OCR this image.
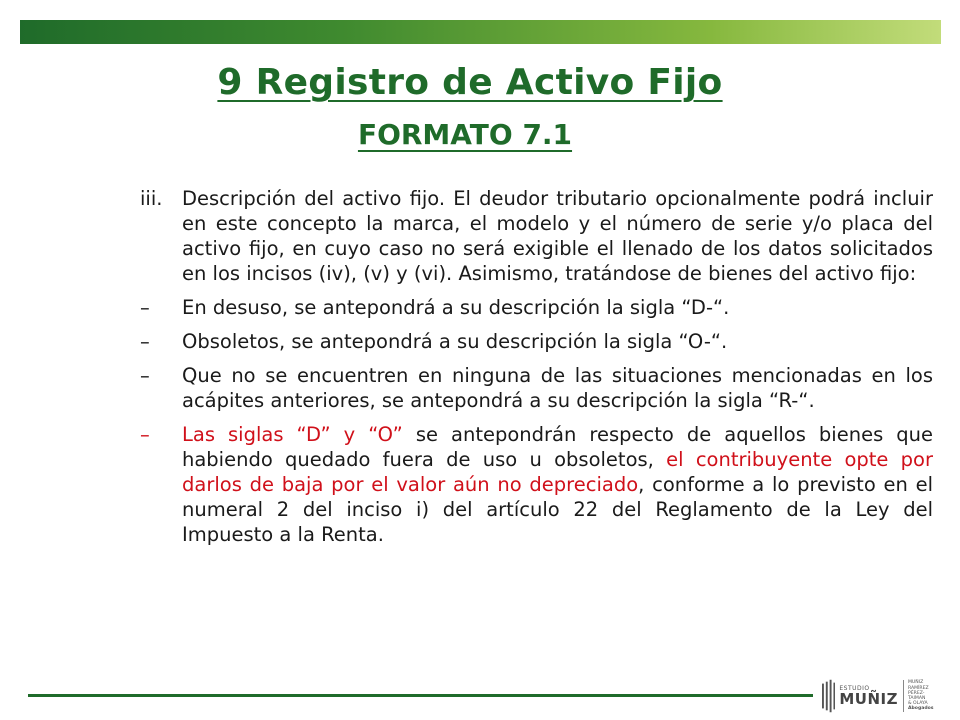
9 Registro de Activo Fijo
FORMATO 7.1
iii.	Descripción del activo fijo. El deudor tributario opcionalmente podrá incluir en este concepto la marca, el modelo y el número de serie y/o placa del activo fijo, en cuyo caso no será exigible el llenado de los datos solicitados en los incisos (iv), (v) y (vi). Asimismo, tratándose de bienes del activo fijo:
–	En desuso, se antepondrá a su descripción la sigla “D-“.
–	Obsoletos, se antepondrá a su descripción la sigla “O-“.
–	Que no se encuentren en ninguna de las situaciones mencionadas en los acápites anteriores, se antepondrá a su descripción la sigla “R-“.
–	Las siglas “D” y “O” se antepondrán respecto de aquellos bienes que habiendo quedado fuera de uso u obsoletos, el contribuyente opte por darlos de baja por el valor aún no depreciado, conforme a lo previsto en el numeral 2 del inciso i) del artículo 22 del Reglamento de la Ley del Impuesto a la Renta.
ESTUDIO
MUÑIZ
MUÑIZ
RAMÍREZ
PÉREZ-TAIMAN
& OLAYA
Abogados
